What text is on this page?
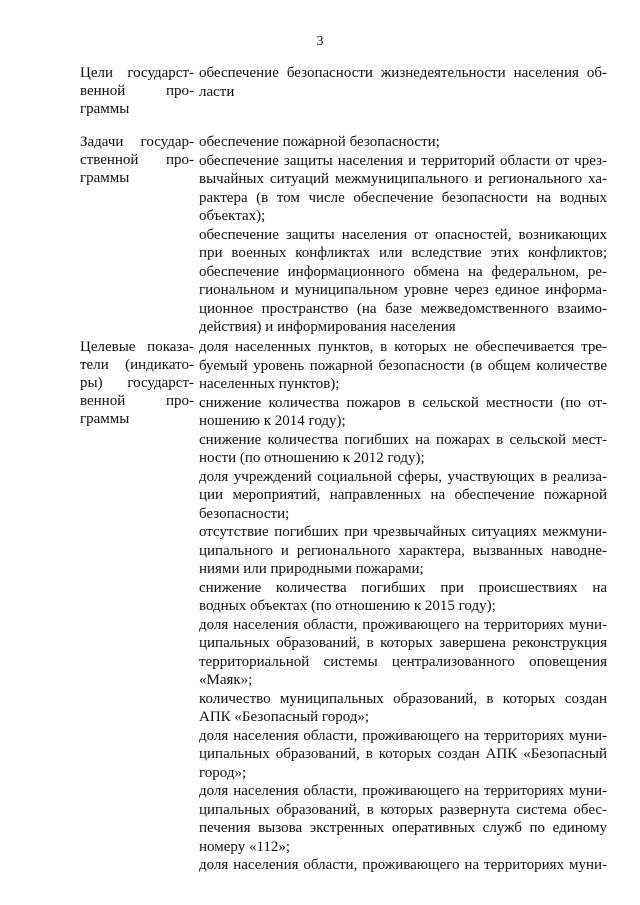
3
Цели государст-
венной про-
граммы

обеспечение безопасности жизнедеятельности населения об-

ласти

Задачи государ-
ственной про-
граммы

обеспечение пожарной безопасности;

обеспечение защиты населения и территорий области от чрез-

вычайных ситуаций межмуниципального и регионального ха-

рактера (в том числе обеспечение безопасности на водных

объектах);

обеспечение защиты населения от опасностей, возникающих

при военных конфликтах или вследствие этих конфликтов;

обеспечение информационного обмена на федеральном, ре-

гиональном и муниципальном уровне через единое информа-

ционное пространство (на базе межведомственного взаимо-

действия) и информирования населения

Целевые показа-
тели (индикато-
ры) государст-
венной про-
граммы

доля населенных пунктов, в которых не обеспечивается тре-

буемый уровень пожарной безопасности (в общем количестве

населенных пунктов);

снижение количества пожаров в сельской местности (по от-

ношению к 2014 году);

снижение количества погибших на пожарах в сельской мест-

ности (по отношению к 2012 году);

доля учреждений социальной сферы, участвующих в реализа-

ции мероприятий, направленных на обеспечение пожарной

безопасности;

отсутствие погибших при чрезвычайных ситуациях межмуни-

ципального и регионального характера, вызванных наводне-

ниями или природными пожарами;

снижение количества погибших при происшествиях на

водных объектах (по отношению к 2015 году);

доля населения области, проживающего на территориях муни-

ципальных образований, в которых завершена реконструкция

территориальной системы централизованного оповещения

«Маяк»;

количество муниципальных образований, в которых создан

АПК «Безопасный город»;

доля населения области, проживающего на территориях муни-

ципальных образований, в которых создан АПК «Безопасный

город»;

доля населения области, проживающего на территориях муни-

ципальных образований, в которых развернута система обес-

печения вызова экстренных оперативных служб по единому

номеру «112»;

доля населения области, проживающего на территориях муни-
